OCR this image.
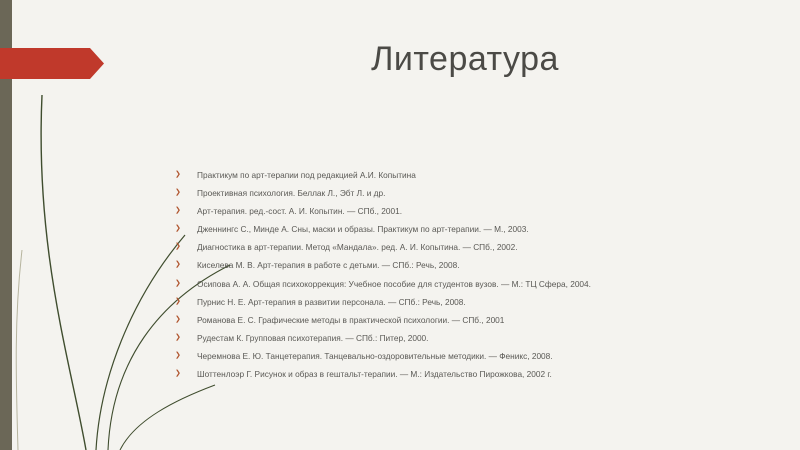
Литература
❯ Практикум по арт-терапии под редакцией А.И. Копытина
❯ Проективная психология. Беллак Л., Эбт Л. и др.
❯ Арт-терапия. ред.-сост. А. И. Копытин. — СПб., 2001.
❯ Дженнингс С., Минде А. Сны, маски и образы. Практикум по арт-терапии. — М., 2003.
❯ Диагностика в арт-терапии. Метод «Мандала». ред. А. И. Копытина. — СПб., 2002.
❯ Киселева М. В. Арт-терапия в работе с детьми. — СПб.: Речь, 2008.
❯ Осипова А. А. Общая психокоррекция: Учебное пособие для студентов вузов. — М.: ТЦ Сфера, 2004.
❯ Пурнис Н. Е. Арт-терапия в развитии персонала. — СПб.: Речь, 2008.
❯ Романова Е. С. Графические методы в практической психологии. — СПб., 2001
❯ Рудестам К. Групповая психотерапия. — СПб.: Питер, 2000.
❯ Черемнова Е. Ю. Танцетерапия. Танцевально-оздоровительные методики. — Феникс, 2008.
❯ Шоттенлоэр Г. Рисунок и образ в гештальт-терапии. — М.: Издательство Пирожкова, 2002 г.
